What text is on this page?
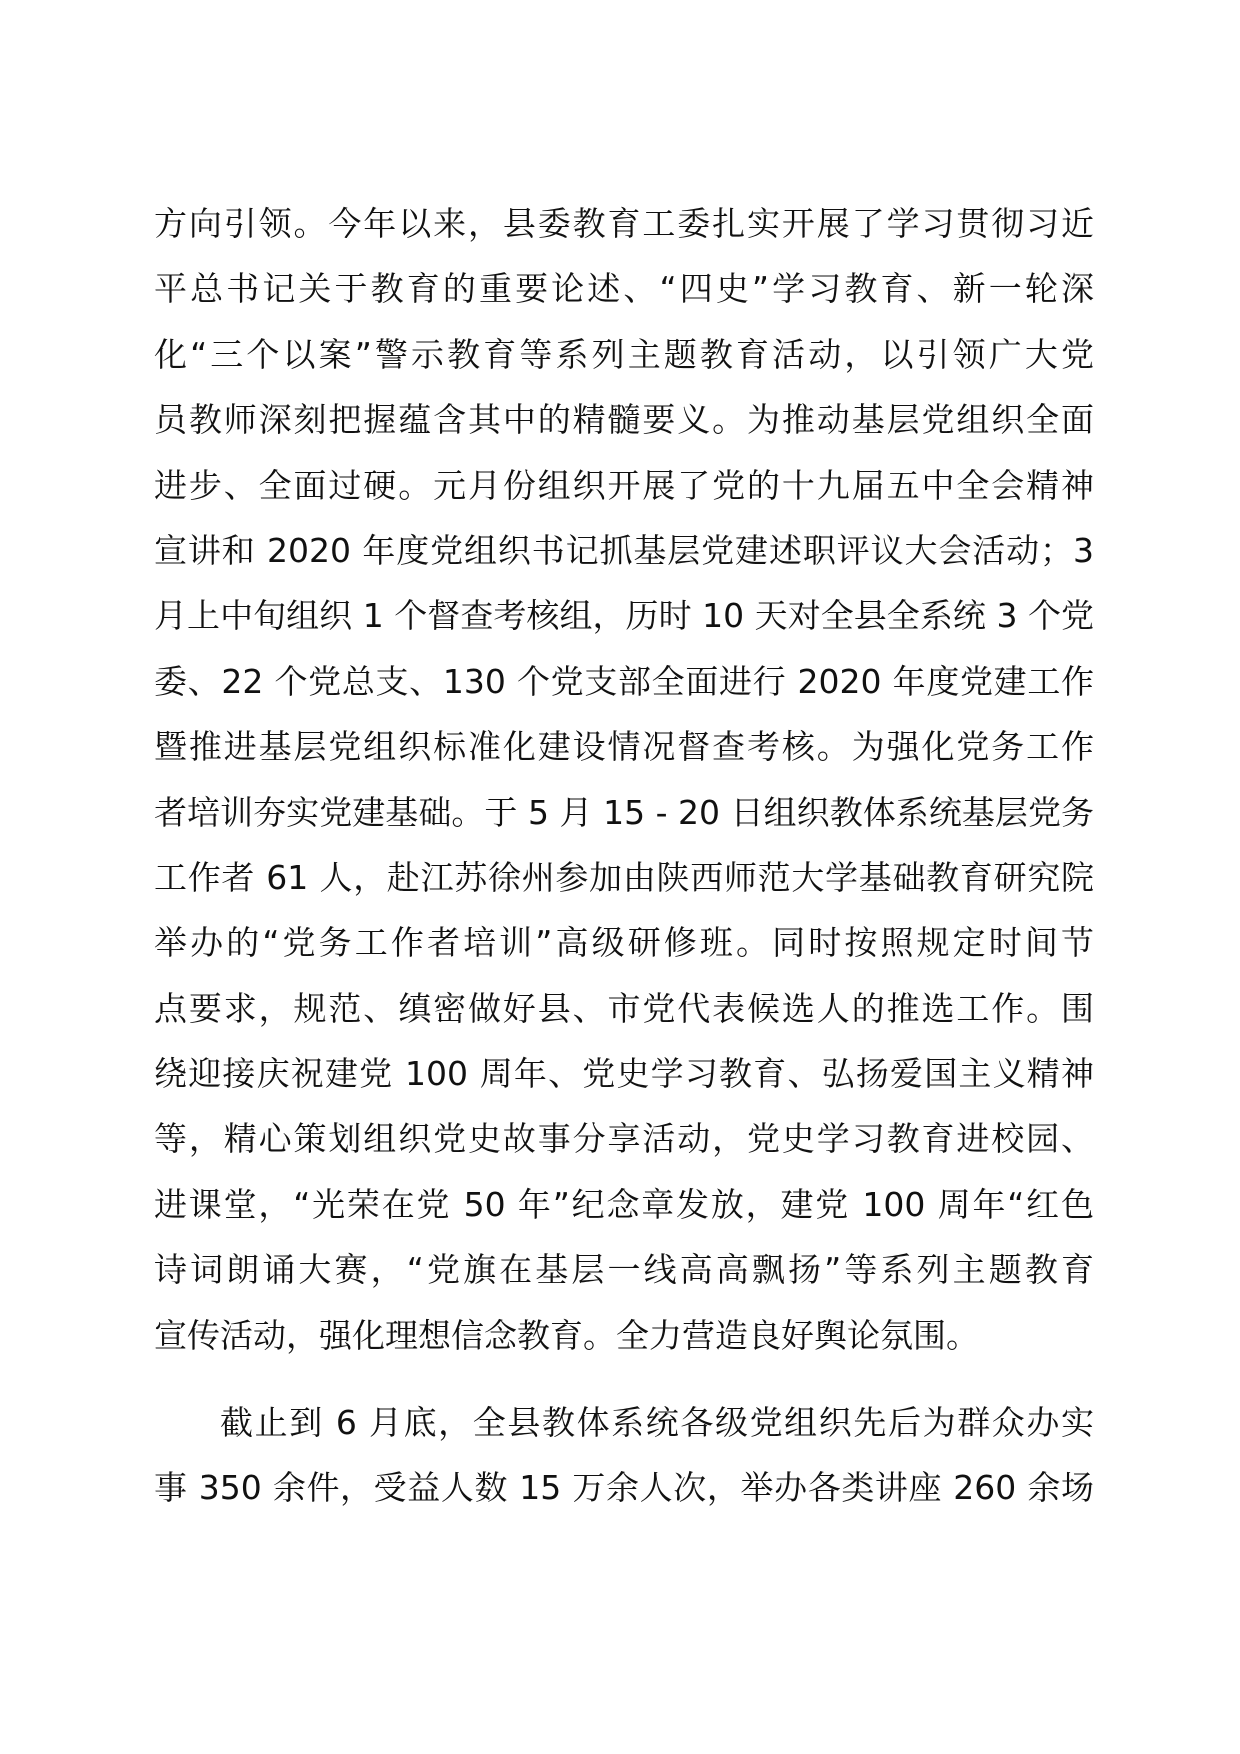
方向引领。今年以来，县委教育工委扎实开展了学习贯彻习近
平总书记关于教育的重要论述、“四史”学习教育、新一轮深
化“三个以案”警示教育等系列主题教育活动，以引领广大党
员教师深刻把握蕴含其中的精髓要义。为推动基层党组织全面
进步、全面过硬。元月份组织开展了党的十九届五中全会精神
宣讲和 2020 年度党组织书记抓基层党建述职评议大会活动；3
月上中旬组织 1 个督查考核组，历时 10 天对全县全系统 3 个党
委、22 个党总支、130 个党支部全面进行 2020 年度党建工作
暨推进基层党组织标准化建设情况督查考核。为强化党务工作
者培训夯实党建基础。于 5 月 15 - 20 日组织教体系统基层党务
工作者 61 人，赴江苏徐州参加由陕西师范大学基础教育研究院
举办的“党务工作者培训”高级研修班。同时按照规定时间节
点要求，规范、缜密做好县、市党代表候选人的推选工作。围
绕迎接庆祝建党 100 周年、党史学习教育、弘扬爱国主义精神
等，精心策划组织党史故事分享活动，党史学习教育进校园、
进课堂，“光荣在党 50 年”纪念章发放，建党 100 周年“红色
诗词朗诵大赛，“党旗在基层一线高高飘扬”等系列主题教育
宣传活动，强化理想信念教育。全力营造良好舆论氛围。
截止到 6 月底，全县教体系统各级党组织先后为群众办实
事 350 余件，受益人数 15 万余人次，举办各类讲座 260 余场
